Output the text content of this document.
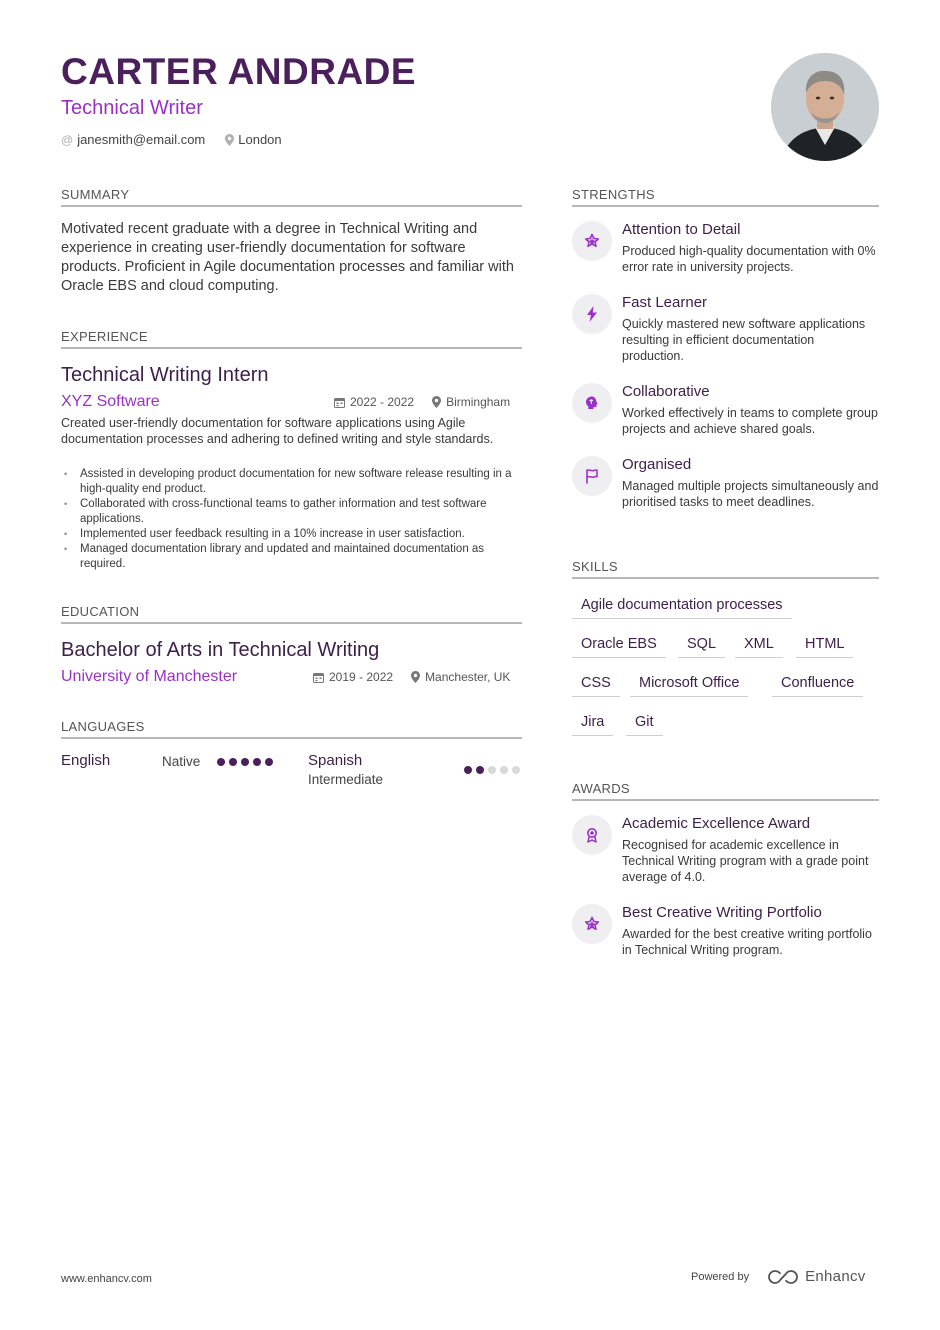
CARTER ANDRADE
Technical Writer
@ janesmith@email.com	London
SUMMARY
Motivated recent graduate with a degree in Technical Writing and experience in creating user-friendly documentation for software products. Proficient in Agile documentation processes and familiar with Oracle EBS and cloud computing.
EXPERIENCE
Technical Writing Intern
XYZ Software	2022 - 2022	Birmingham
Created user-friendly documentation for software applications using Agile documentation processes and adhering to defined writing and style standards.
• Assisted in developing product documentation for new software release resulting in a high-quality end product.
• Collaborated with cross-functional teams to gather information and test software applications.
• Implemented user feedback resulting in a 10% increase in user satisfaction.
• Managed documentation library and updated and maintained documentation as required.
EDUCATION
Bachelor of Arts in Technical Writing
University of Manchester	2019 - 2022	Manchester, UK
LANGUAGES
English	Native	Spanish
Intermediate
STRENGTHS
Attention to Detail
Produced high-quality documentation with 0% error rate in university projects.
Fast Learner
Quickly mastered new software applications resulting in efficient documentation production.
Collaborative
Worked effectively in teams to complete group projects and achieve shared goals.
Organised
Managed multiple projects simultaneously and prioritised tasks to meet deadlines.
SKILLS
Agile documentation processes
Oracle EBS	SQL	XML	HTML
CSS	Microsoft Office	Confluence
Jira	Git
AWARDS
Academic Excellence Award
Recognised for academic excellence in Technical Writing program with a grade point average of 4.0.
Best Creative Writing Portfolio
Awarded for the best creative writing portfolio in Technical Writing program.
www.enhancv.com	Powered by	Enhancv
